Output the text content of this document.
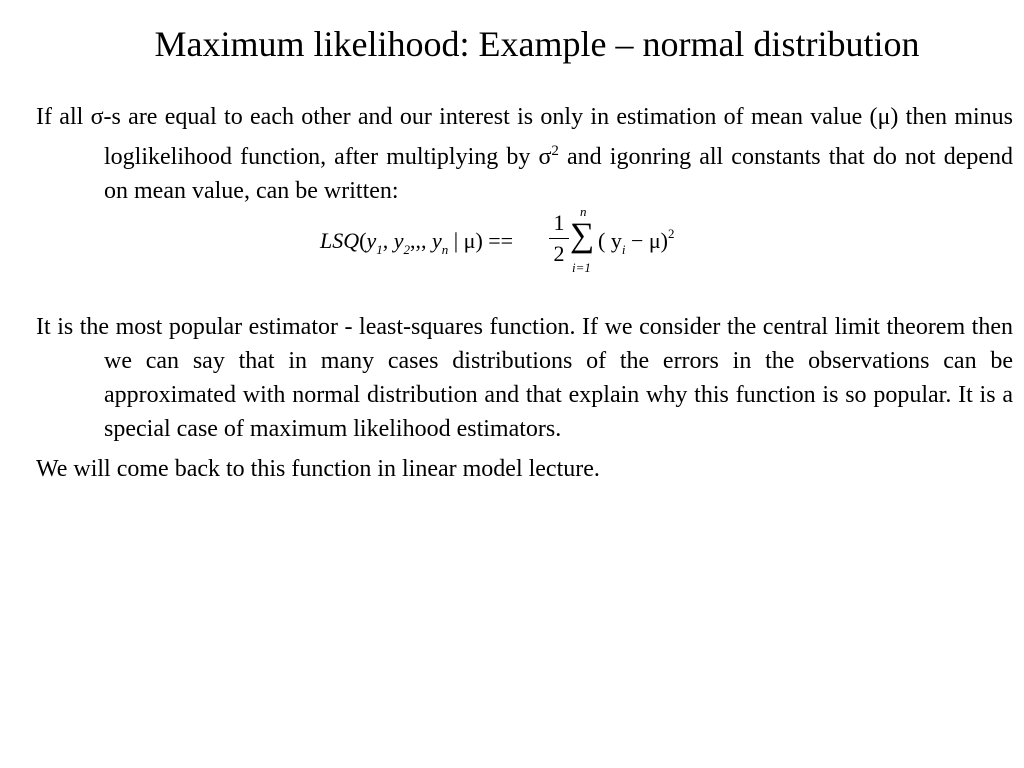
Maximum likelihood: Example – normal distribution

If all σ-s are equal to each other and our interest is only in estimation of mean value (μ) then minus loglikelihood function, after multiplying by $\sigma^2$ and igonring all constants that do not depend on mean value, can be written:

$LSQ(y_1$, $y_2$,,, $y_n$ | μ) ==
1
2
n
∑
i=1
( $y_i - \mu)^2$

It is the most popular estimator - least-squares function. If we consider the central limit theorem then we can say that in many cases distributions of the errors in the observations can be approximated with normal distribution and that explain why this function is so popular. It is a special case of maximum likelihood estimators.

We will come back to this function in linear model lecture.
